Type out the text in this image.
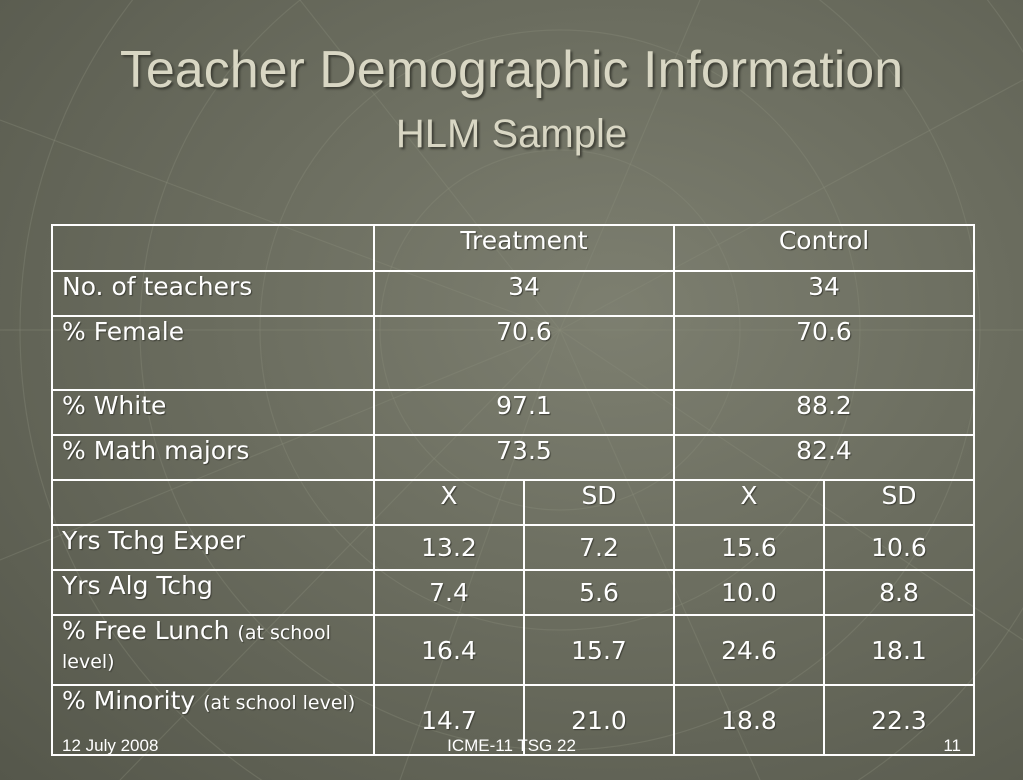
Teacher Demographic Information
HLM Sample
	Treatment		Control	
No. of teachers	34		34	
% Female	70.6		70.6	
% White	97.1		88.2	
% Math majors	73.5		82.4	
	X	SD	X	SD
Yrs Tchg Exper	13.2	7.2	15.6	10.6
Yrs Alg Tchg	7.4	5.6	10.0	8.8
% Free Lunch (at school level)	16.4	15.7	24.6	18.1
% Minority (at school level)	14.7	21.0	18.8	22.3
12 July 2008	ICME-11 TSG 22	11
